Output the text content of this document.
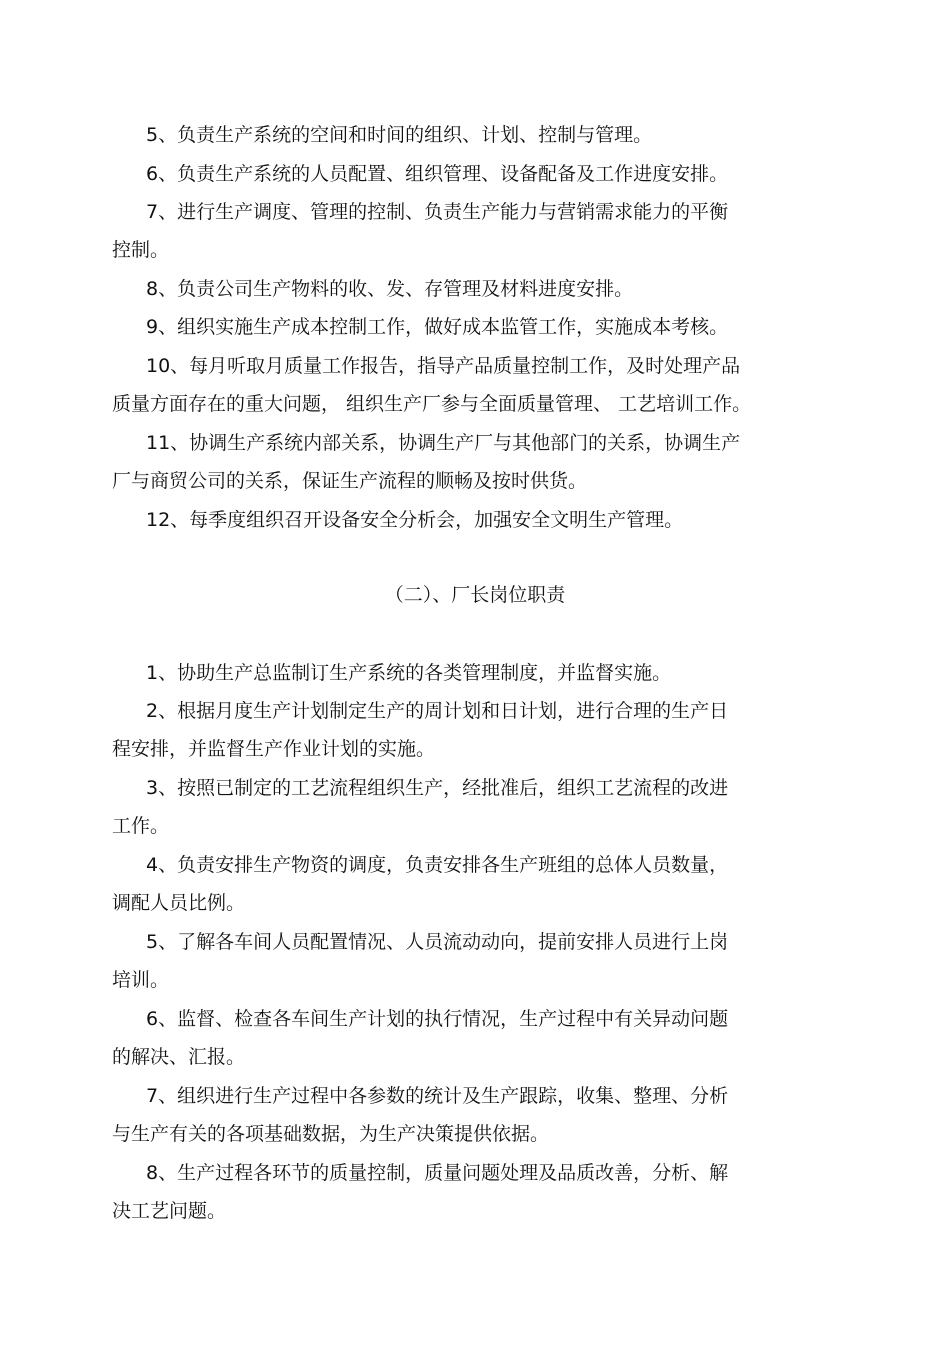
5、负责生产系统的空间和时间的组织、计划、控制与管理。
6、负责生产系统的人员配置、组织管理、设备配备及工作进度安排。
7、进行生产调度、管理的控制、负责生产能力与营销需求能力的平衡
控制。
8、负责公司生产物料的收、发、存管理及材料进度安排。
9、组织实施生产成本控制工作，做好成本监管工作，实施成本考核。
10、每月听取月质量工作报告，指导产品质量控制工作，及时处理产品
质量方面存在的重大问题， 组织生产厂参与全面质量管理、 工艺培训工作。
11、协调生产系统内部关系，协调生产厂与其他部门的关系，协调生产
厂与商贸公司的关系，保证生产流程的顺畅及按时供货。
12、每季度组织召开设备安全分析会，加强安全文明生产管理。
（二）、厂长岗位职责
1、协助生产总监制订生产系统的各类管理制度，并监督实施。
2、根据月度生产计划制定生产的周计划和日计划，进行合理的生产日
程安排，并监督生产作业计划的实施。
3、按照已制定的工艺流程组织生产，经批准后，组织工艺流程的改进
工作。
4、负责安排生产物资的调度，负责安排各生产班组的总体人员数量，
调配人员比例。
5、了解各车间人员配置情况、人员流动动向，提前安排人员进行上岗
培训。
6、监督、检查各车间生产计划的执行情况，生产过程中有关异动问题
的解决、汇报。
7、组织进行生产过程中各参数的统计及生产跟踪，收集、整理、分析
与生产有关的各项基础数据，为生产决策提供依据。
8、生产过程各环节的质量控制，质量问题处理及品质改善，分析、解
决工艺问题。
